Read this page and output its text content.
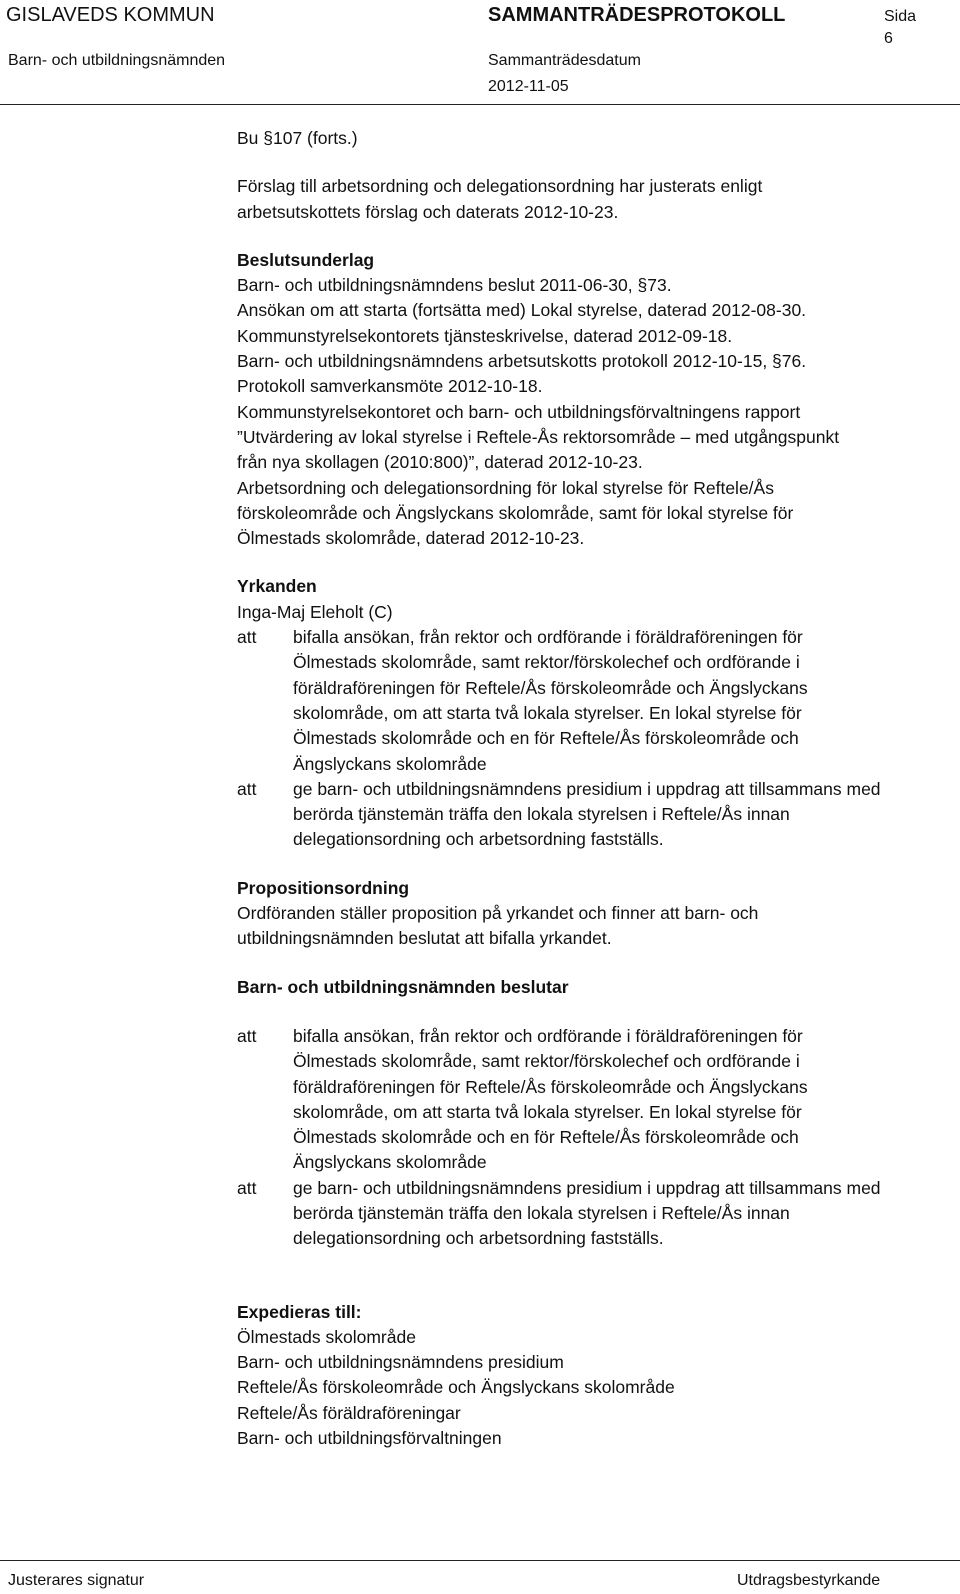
GISLAVEDS KOMMUN	SAMMANTRÄDESPROTOKOLL	Sida
6
Barn- och utbildningsnämnden	Sammanträdesdatum
2012-11-05
Bu §107 (forts.)
Förslag till arbetsordning och delegationsordning har justerats enligt
arbetsutskottets förslag och daterats 2012-10-23.
Beslutsunderlag
Barn- och utbildningsnämndens beslut 2011-06-30, §73.
Ansökan om att starta (fortsätta med) Lokal styrelse, daterad 2012-08-30.
Kommunstyrelsekontorets tjänsteskrivelse, daterad 2012-09-18.
Barn- och utbildningsnämndens arbetsutskotts protokoll 2012-10-15, §76.
Protokoll samverkansmöte 2012-10-18.
Kommunstyrelsekontoret och barn- och utbildningsförvaltningens rapport
”Utvärdering av lokal styrelse i Reftele-Ås rektorsområde – med utgångspunkt
från nya skollagen (2010:800)”, daterad 2012-10-23.
Arbetsordning och delegationsordning för lokal styrelse för Reftele/Ås
förskoleområde och Ängslyckans skolområde, samt för lokal styrelse för
Ölmestads skolområde, daterad 2012-10-23.
Yrkanden
Inga-Maj Eleholt (C)
att	bifalla ansökan, från rektor och ordförande i föräldraföreningen för
Ölmestads skolområde, samt rektor/förskolechef och ordförande i
föräldraföreningen för Reftele/Ås förskoleområde och Ängslyckans
skolområde, om att starta två lokala styrelser. En lokal styrelse för
Ölmestads skolområde och en för Reftele/Ås förskoleområde och
Ängslyckans skolområde
att	ge barn- och utbildningsnämndens presidium i uppdrag att tillsammans med
berörda tjänstemän träffa den lokala styrelsen i Reftele/Ås innan
delegationsordning och arbetsordning fastställs.
Propositionsordning
Ordföranden ställer proposition på yrkandet och finner att barn- och
utbildningsnämnden beslutat att bifalla yrkandet.
Barn- och utbildningsnämnden beslutar
att	bifalla ansökan, från rektor och ordförande i föräldraföreningen för
Ölmestads skolområde, samt rektor/förskolechef och ordförande i
föräldraföreningen för Reftele/Ås förskoleområde och Ängslyckans
skolområde, om att starta två lokala styrelser. En lokal styrelse för
Ölmestads skolområde och en för Reftele/Ås förskoleområde och
Ängslyckans skolområde
att	ge barn- och utbildningsnämndens presidium i uppdrag att tillsammans med
berörda tjänstemän träffa den lokala styrelsen i Reftele/Ås innan
delegationsordning och arbetsordning fastställs.
Expedieras till:
Ölmestads skolområde
Barn- och utbildningsnämndens presidium
Reftele/Ås förskoleområde och Ängslyckans skolområde
Reftele/Ås föräldraföreningar
Barn- och utbildningsförvaltningen
Justerares signatur	Utdragsbestyrkande
